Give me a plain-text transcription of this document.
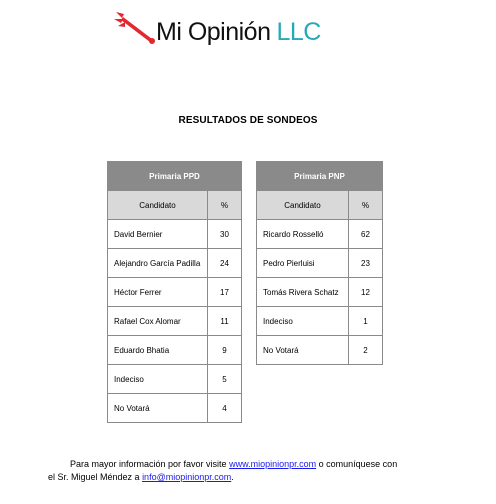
Mi Opinión LLC
RESULTADOS DE SONDEOS
Primaria PPD	
Candidato	%
David Bernier	30
Alejandro García Padilla	24
Héctor Ferrer	17
Rafael Cox Alomar	11
Eduardo Bhatia	9
Indeciso	5
No Votará	4
Primaria PNP	
Candidato	%
Ricardo Rosselló	62
Pedro Pierluisi	23
Tomás Rivera Schatz	12
Indeciso	1
No Votará	2
Para mayor información por favor visite www.miopinionpr.com o comuníquese con
el Sr. Miguel Méndez a info@miopinionpr.com.
